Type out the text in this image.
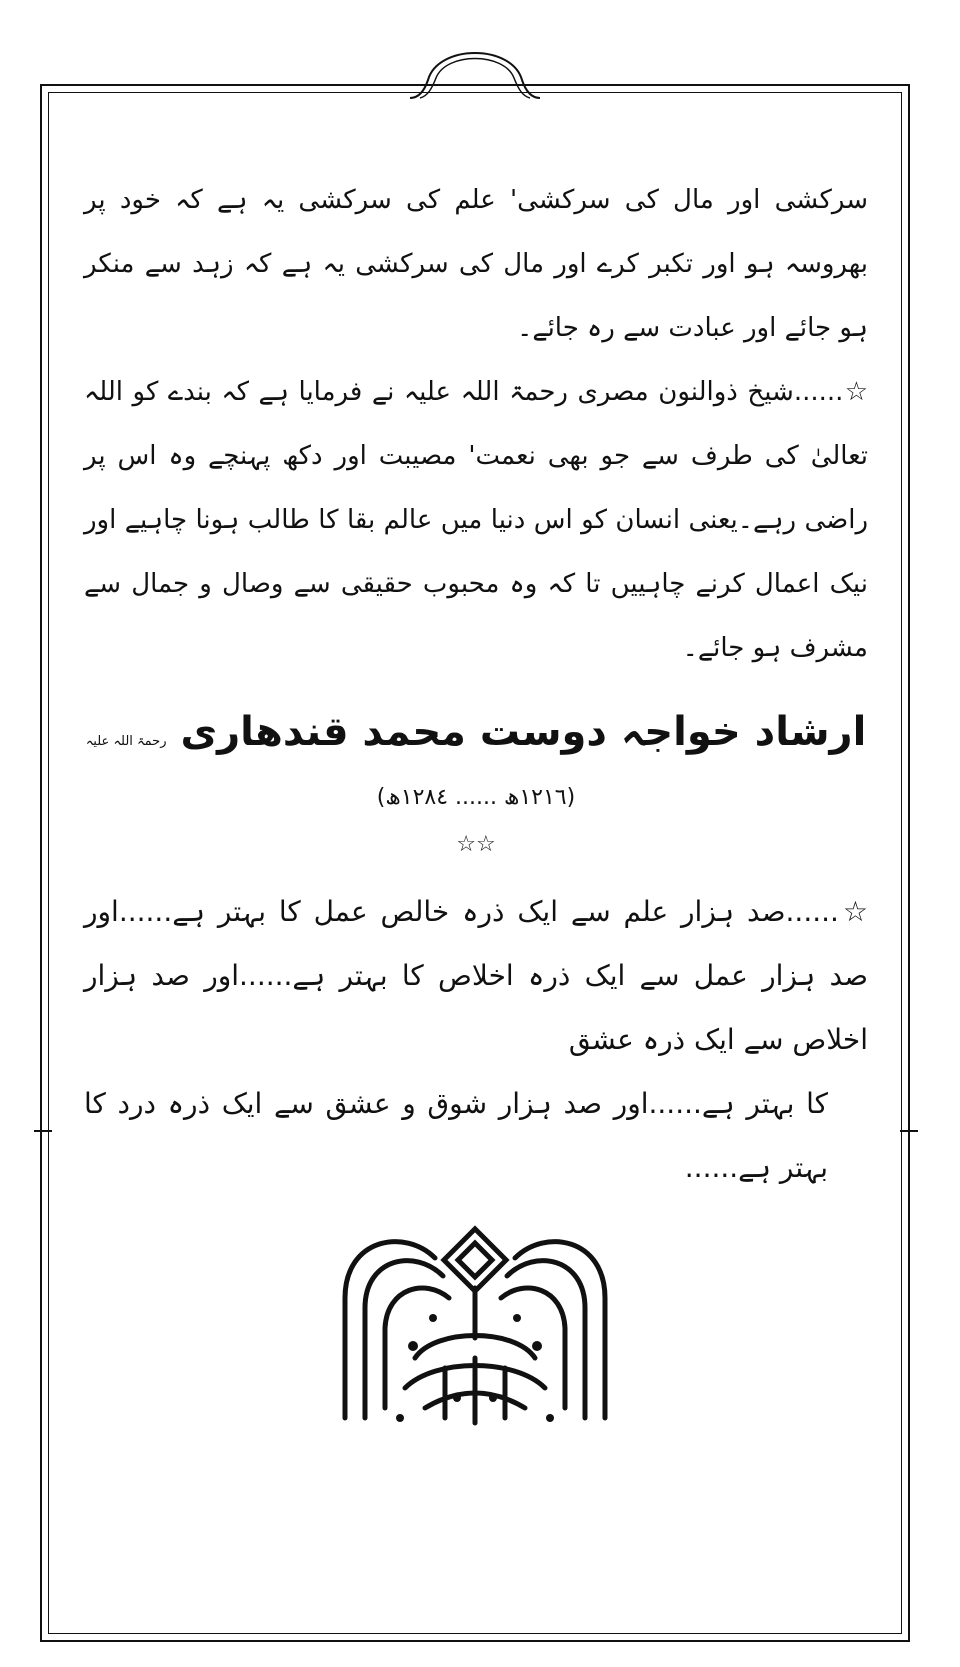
سرکشی اور مال کی سرکشی' علم کی سرکشی یہ ہے کہ خود پر بھروسہ ہو اور تکبر کرے اور مال کی سرکشی یہ ہے کہ زہد سے منکر ہو جائے اور عبادت سے رہ جائے۔

☆......شیخ ذوالنون مصری رحمۃ اللہ علیہ نے فرمایا ہے کہ بندے کو اللہ تعالیٰ کی طرف سے جو بھی نعمت' مصیبت اور دکھ پہنچے وہ اس پر راضی رہے۔یعنی انسان کو اس دنیا میں عالم بقا کا طالب ہونا چاہیے اور نیک اعمال کرنے چاہییں تا کہ وہ محبوب حقیقی سے وصال و جمال سے مشرف ہو جائے۔

ارشاد خواجہ دوست محمد قندھاری رحمۃ اللہ علیہ

(١٢١٦ھ ...... ١٢٨٤ھ)

☆☆

☆......صد ہزار علم سے ایک ذرہ خالص عمل کا بہتر ہے......اور صد ہزار عمل سے ایک ذرہ اخلاص کا بہتر ہے......اور صد ہزار اخلاص سے ایک ذرہ عشق
کا بہتر ہے......اور صد ہزار شوق و عشق سے ایک ذرہ درد کا بہتر ہے......
